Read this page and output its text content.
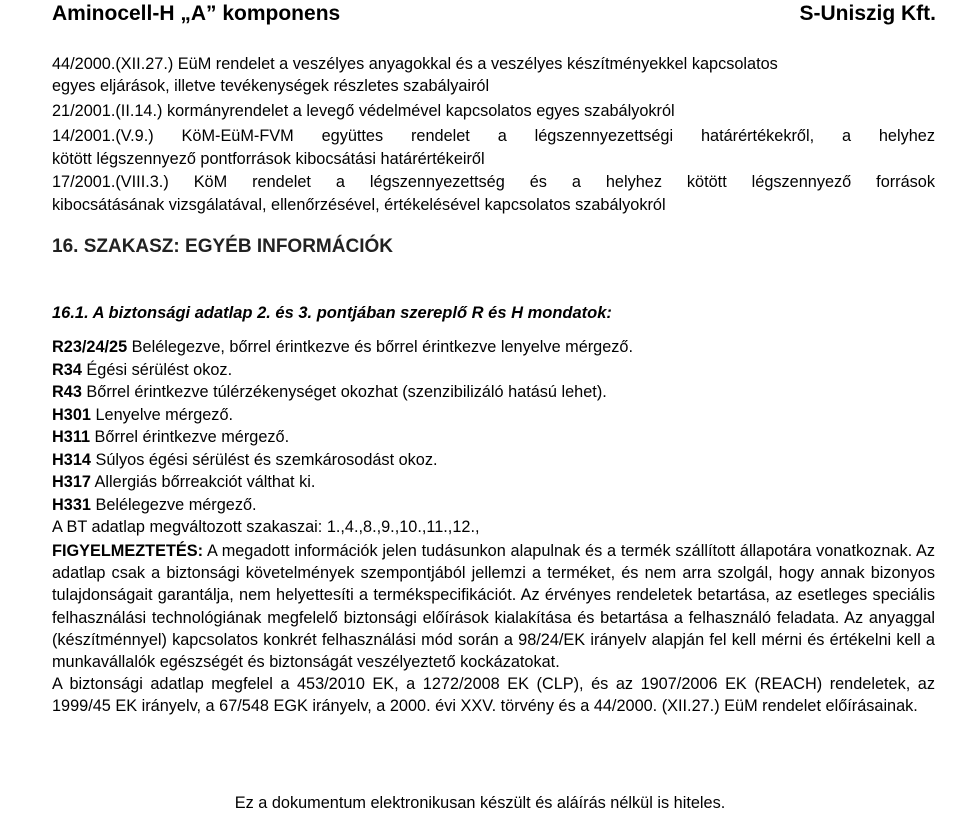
Aminocell-H „A” komponens	S-Uniszig Kft.
44/2000.(XII.27.) EüM rendelet a veszélyes anyagokkal és a veszélyes készítményekkel kapcsolatos
egyes eljárások, illetve tevékenységek részletes szabályairól
21/2001.(II.14.) kormányrendelet a levegő védelmével kapcsolatos egyes szabályokról
14/2001.(V.9.) KöM-EüM-FVM együttes rendelet a légszennyezettségi határértékekről, a helyhez
kötött légszennyező pontforrások kibocsátási határértékeiről
17/2001.(VIII.3.) KöM rendelet a légszennyezettség és a helyhez kötött légszennyező források
kibocsátásának vizsgálatával, ellenőrzésével, értékelésével kapcsolatos szabályokról
16. SZAKASZ: EGYÉB INFORMÁCIÓK
16.1. A biztonsági adatlap 2. és 3. pontjában szereplő R és H mondatok:
R23/24/25 Belélegezve, bőrrel érintkezve és bőrrel érintkezve lenyelve mérgező.
R34 Égési sérülést okoz.
R43 Bőrrel érintkezve túlérzékenységet okozhat (szenzibilizáló hatású lehet).
H301 Lenyelve mérgező.
H311 Bőrrel érintkezve mérgező.
H314 Súlyos égési sérülést és szemkárosodást okoz.
H317 Allergiás bőrreakciót válthat ki.
H331 Belélegezve mérgező.
A BT adatlap megváltozott szakaszai: 1.,4.,8.,9.,10.,11.,12.,

FIGYELMEZTETÉS: A megadott információk jelen tudásunkon alapulnak és a termék szállított állapotára vonatkoznak. Az adatlap csak a biztonsági követelmények szempontjából jellemzi a terméket, és nem arra szolgál, hogy annak bizonyos tulajdonságait garantálja, nem helyettesíti a termékspecifikációt. Az érvényes rendeletek betartása, az esetleges speciális felhasználási technológiának megfelelő biztonsági előírások kialakítása és betartása a felhasználó feladata. Az anyaggal (készítménnyel) kapcsolatos konkrét felhasználási mód során a 98/24/EK irányelv alapján fel kell mérni és értékelni kell a munkavállalók egészségét és biztonságát veszélyeztető kockázatokat.

A biztonsági adatlap megfelel a 453/2010 EK, a 1272/2008 EK (CLP), és az 1907/2006 EK (REACH) rendeletek, az 1999/45 EK irányelv, a 67/548 EGK irányelv, a 2000. évi XXV. törvény és a 44/2000. (XII.27.) EüM rendelet előírásainak.

Ez a dokumentum elektronikusan készült és aláírás nélkül is hiteles.
